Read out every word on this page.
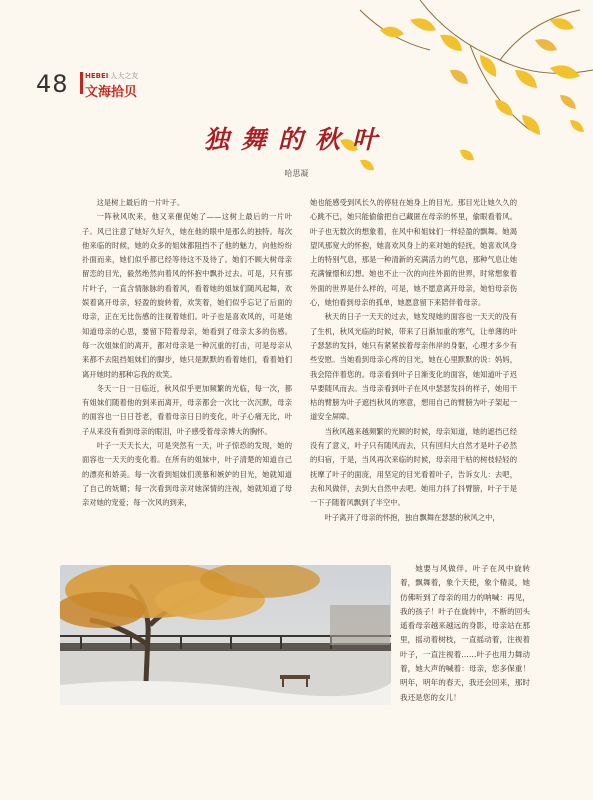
48 HEBEI 人大之友
文海拾贝
独舞的秋叶
哈思凝

这是树上最后的一片叶子。

一阵秋风吹来，他又来催促她了——这树上最后的一片叶子。风已注意了她好久好久，她在他的眼中是那么的独特。每次他来临的时候，她的众多的姐妹都阻挡不了他的魅力，向他纷纷扑面而来，她们似乎都已经等待这不及待了。她们不顾大树母亲留恋的目光，毅然绝然向着风的怀抱中飘扑过去。可是，只有那片叶子，一直含情脉脉的看着风，看着她的姐妹们随风起舞，欢娱着离开母亲，轻盈的旋转着，欢笑着，她们似乎忘记了后面的母亲，正在无比伤感的注视着她们。叶子也是喜欢风的，可是她知道母亲的心思，要留下陪着母亲，她看到了母亲太多的伤感。每一次姐妹们的离开，都对母亲是一种沉重的打击，可是母亲从来都不去阻挡姐妹们的脚步，她只是默默的看着她们，看着她们离开她时的那种忘我的欢笑。

冬天一日一日临近，秋风似乎更加频繁的光临，每一次，都有姐妹们随着他的到来而离开，母亲都会一次比一次沉默，母亲的面容也一日日苍老，看着母亲日日的变化，叶子心痛无比，叶子从来没有看到母亲的眼泪，叶子感受着母亲博大的胸怀。

叶子一天天长大，可是突然有一天，叶子惊恐的发现，她的面容也一天天的变化着。在所有的姐妹中，叶子清楚的知道自己的漂亮和娇美。每一次看到姐妹们羡慕和嫉妒的目光，她就知道了自己的妩媚；每一次看到母亲对她深情的注视，她就知道了母亲对她的宠爱；每一次风的到来，

她也能感受到风长久的停驻在她身上的目光。那目光让她久久的心跳不已，她只能偷偷把自己藏匿在母亲的怀里，偷眼看着风。叶子也无数次的想象着，在风中和姐妹们一样轻盈的飘舞。她渴望风那宽大的怀抱，她喜欢风身上的来对她的轻抚，她喜欢风身上的特别气息，那是一种清新的充满活力的气息，那种气息让她充满憧憬和幻想。她也不止一次的向往外面的世界，时常想象着外面的世界是什么样的，可是，她不愿意离开母亲，她怕母亲伤心，她怕看到母亲的孤单，她愿意留下来陪伴着母亲。

秋天的日子一天天的过去，她发现她的面容也一天天的没有了生机，秋风光临的时候，带来了日渐加重的寒气，让单薄的叶子瑟瑟的发抖，她只有紧紧挨着母亲伟岸的身躯，心理才多少有些安慰。当她看到母亲心疼的目光，她在心里默默的说：妈妈，我会陪伴着您的。母亲看到叶子日渐变化的面容，她知道叶子迟早要随风而去。当母亲看到叶子在风中瑟瑟发抖的样子，她用干枯的臂膀为叶子遮挡秋风的寒意，想用自己的臂膀为叶子架起一道安全屏障。

当秋风越来越频繁的光顾的时候，母亲知道，她的遮挡已经没有了意义，叶子只有随风而去，只有回归大自然才是叶子必然的归宿，于是，当风再次来临的时候，母亲用干枯的树枝轻轻的抚摩了叶子的面庞，用坚定的目光看着叶子，告诉女儿：去吧，去和风做伴，去到大自然中去吧。她用力抖了抖臂膀，叶子于是一下子随着风飘到了半空中。

叶子离开了母亲的怀抱，独自飘舞在瑟瑟的秋风之中，

她要与风做伴。叶子在风中旋转着，飘舞着，象个天使，象个精灵，她仿佛听到了母亲的用力的呐喊：再见，我的孩子！叶子在旋转中，不断的回头遥看母亲越来越远的身影，母亲站在那里，摇动着树枝，一直摇动着，注视着叶子，一直注视着……叶子也用力舞动着，她大声的喊着：母亲，您多保重！明年，明年的春天，我还会回来，那时我还是您的女儿！
